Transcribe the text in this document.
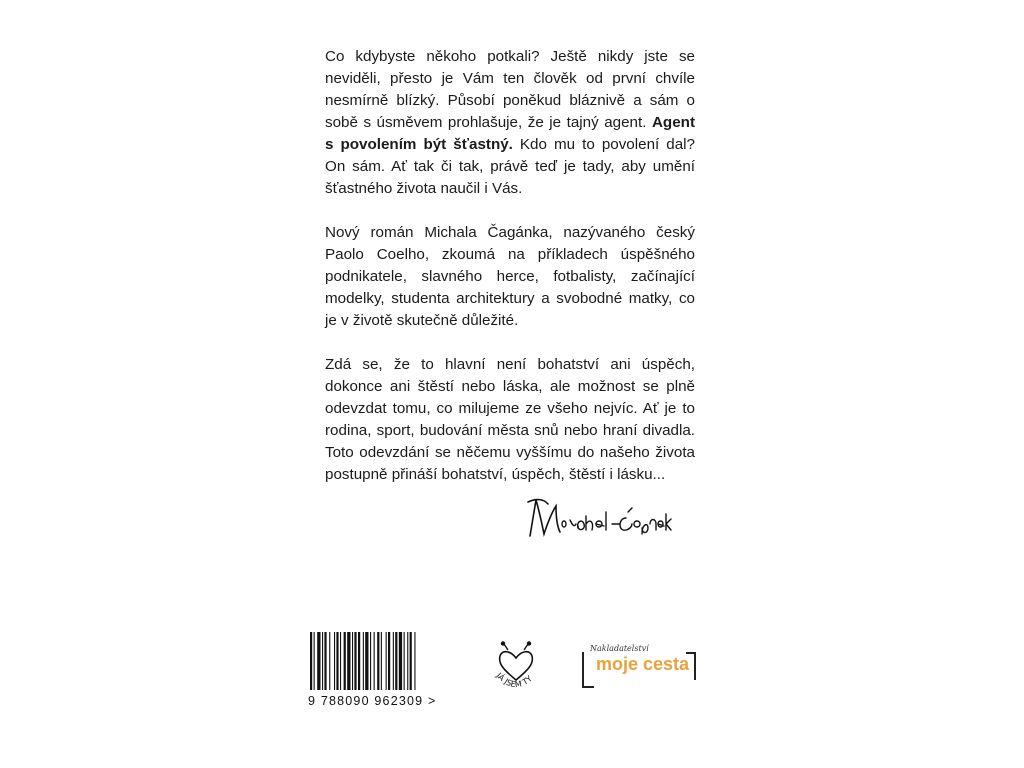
Co kdybyste někoho potkali? Ještě nikdy jste se neviděli, přesto je Vám ten člověk od první chvíle nesmírně blízký. Působí poněkud bláznivě a sám o sobě s úsměvem prohlašuje, že je tajný agent. Agent s povolením být šťastný. Kdo mu to povolení dal? On sám. Ať tak či tak, právě teď je tady, aby umění šťastného života naučil i Vás.

Nový román Michala Čagánka, nazývaného český Paolo Coelho, zkoumá na příkladech úspěšného podnikatele, slavného herce, fotbalisty, začínající modelky, studenta architektury a svobodné matky, co je v životě skutečně důležité.

Zdá se, že to hlavní není bohatství ani úspěch, dokonce ani štěstí nebo láska, ale možnost se plně odevzdat tomu, co milujeme ze všeho nejvíc. Ať je to rodina, sport, budování města snů nebo hraní divadla. Toto odevzdání se něčemu vyššímu do našeho života postupně přináší bohatství, úspěch, štěstí i lásku...

9 788090 962309 >
JÁ JSEM TY
Nakladatelství
moje cesta
